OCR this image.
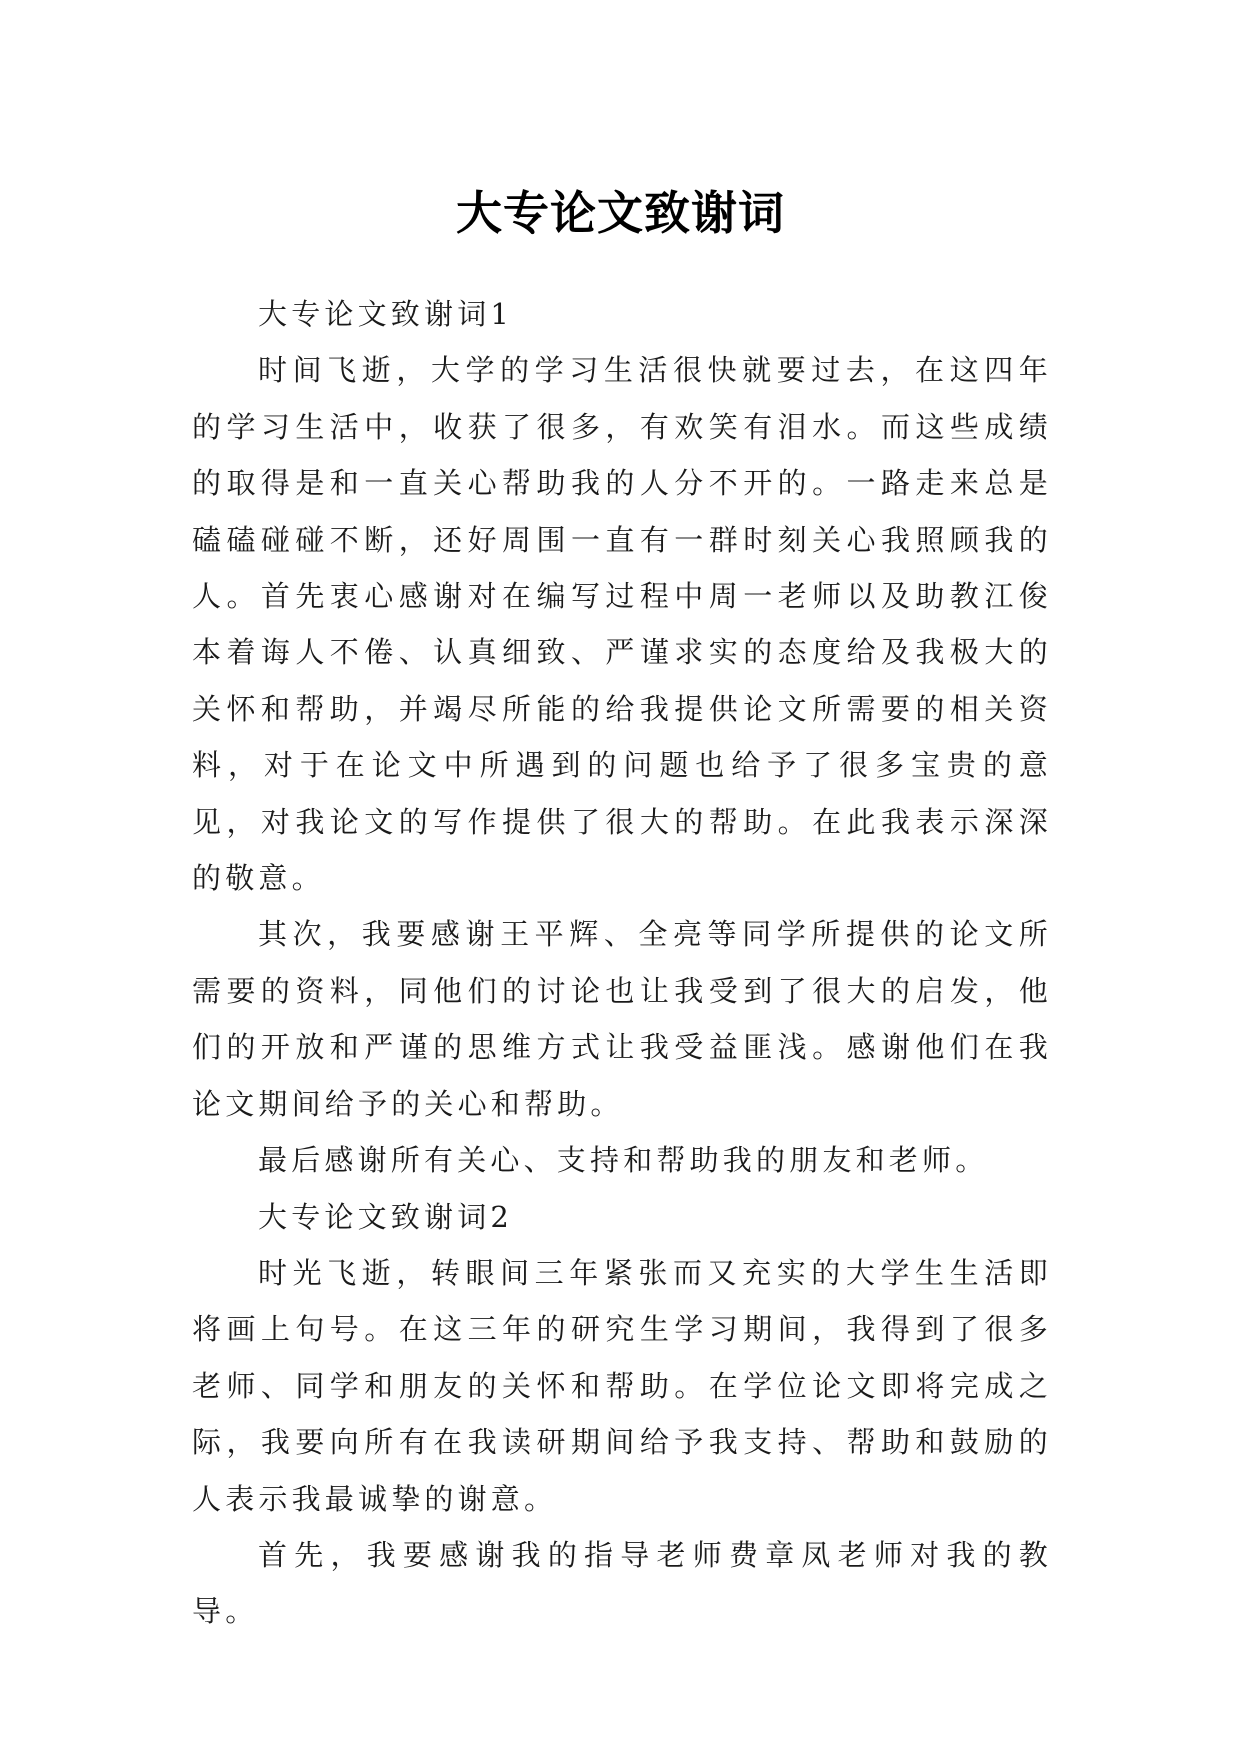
大专论文致谢词

大专论文致谢词1

时间飞逝，大学的学习生活很快就要过去，在这四年的学习生活中，收获了很多，有欢笑有泪水。而这些成绩的取得是和一直关心帮助我的人分不开的。一路走来总是磕磕碰碰不断，还好周围一直有一群时刻关心我照顾我的人。首先衷心感谢对在编写过程中周一老师以及助教江俊本着诲人不倦、认真细致、严谨求实的态度给及我极大的关怀和帮助，并竭尽所能的给我提供论文所需要的相关资料，对于在论文中所遇到的问题也给予了很多宝贵的意见，对我论文的写作提供了很大的帮助。在此我表示深深的敬意。

其次，我要感谢王平辉、全亮等同学所提供的论文所需要的资料，同他们的讨论也让我受到了很大的启发，他们的开放和严谨的思维方式让我受益匪浅。感谢他们在我论文期间给予的关心和帮助。

最后感谢所有关心、支持和帮助我的朋友和老师。

大专论文致谢词2

时光飞逝，转眼间三年紧张而又充实的大学生生活即将画上句号。在这三年的研究生学习期间，我得到了很多老师、同学和朋友的关怀和帮助。在学位论文即将完成之际，我要向所有在我读研期间给予我支持、帮助和鼓励的人表示我最诚挚的谢意。

首先，我要感谢我的指导老师费章凤老师对我的教导。
